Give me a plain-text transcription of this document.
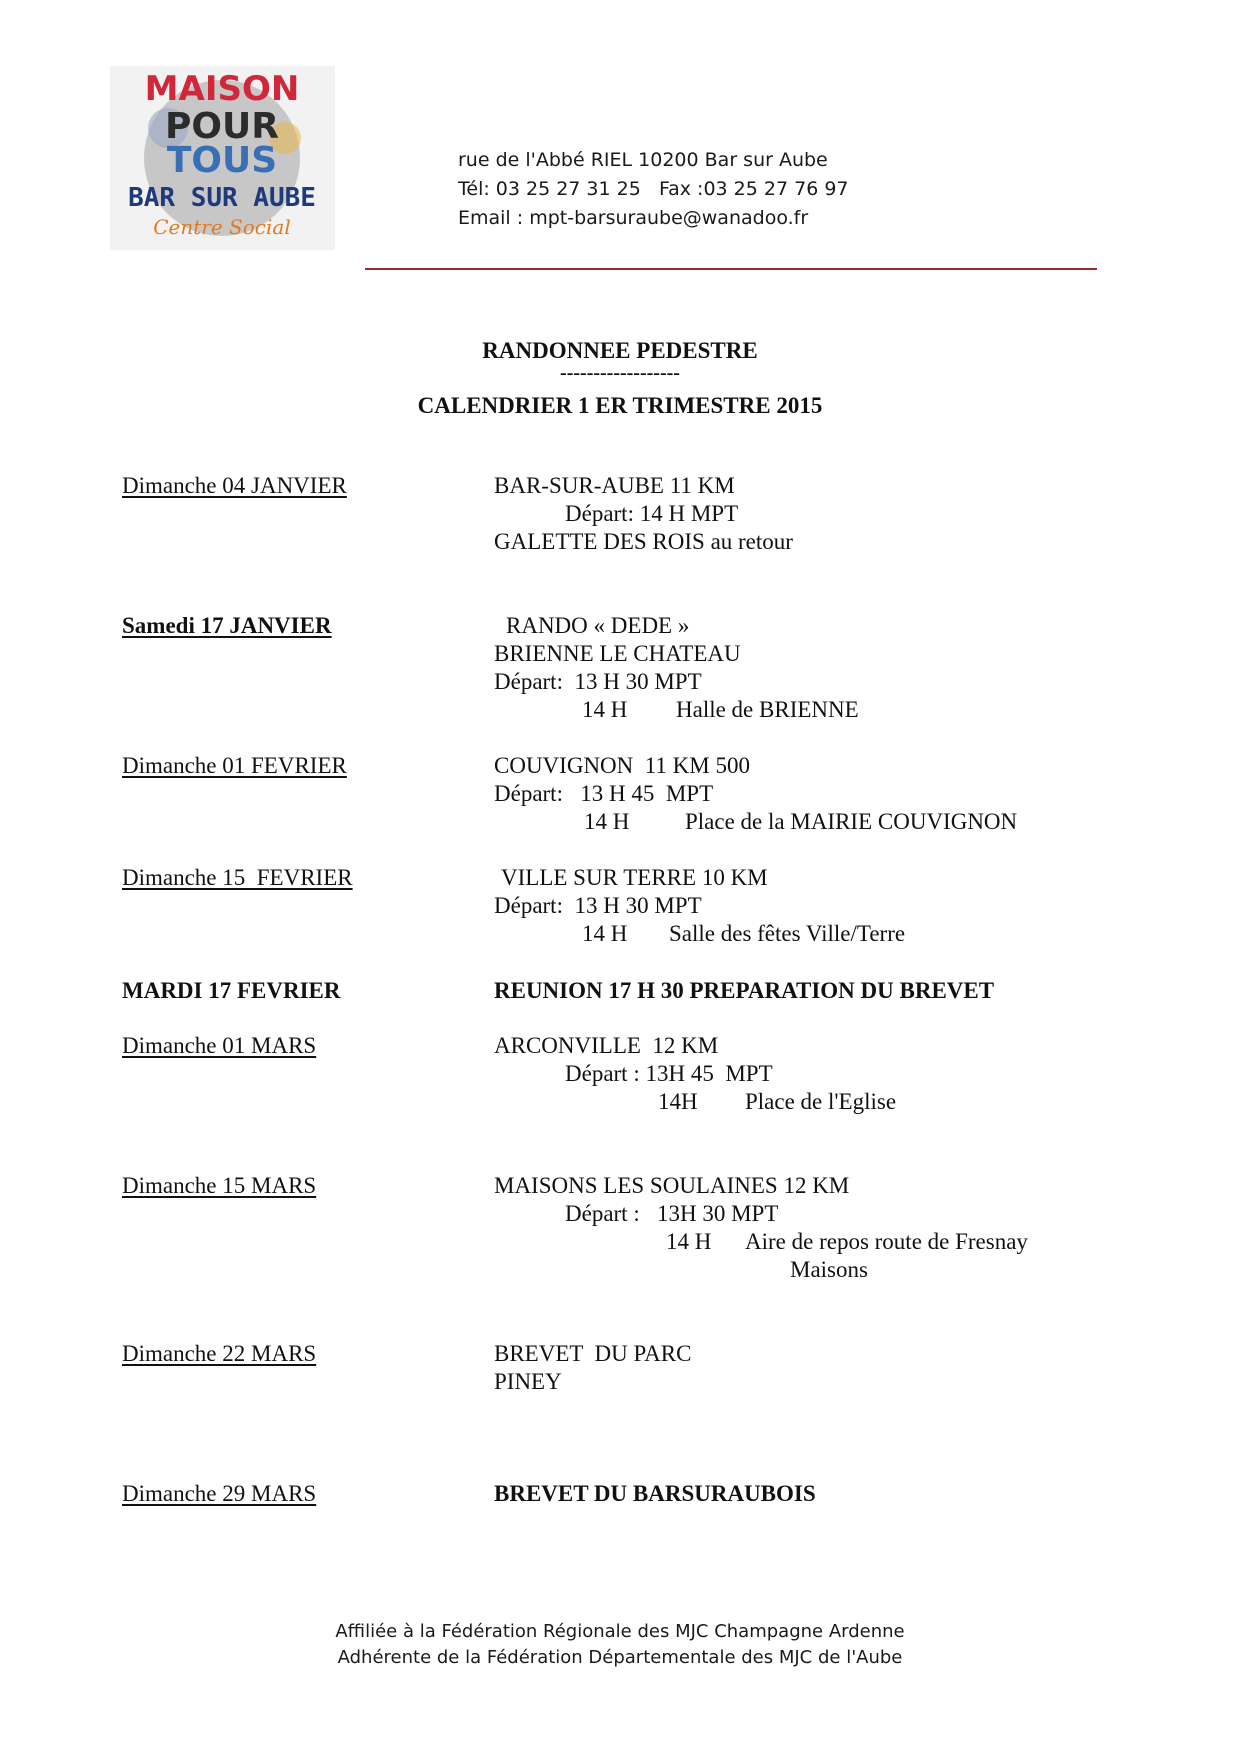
MAISON
POUR
TOUS
BAR SUR AUBE
Centre Social
rue de l'Abbé RIEL 10200 Bar sur Aube
Tél: 03 25 27 31 25   Fax :03 25 27 76 97
Email : mpt-barsuraube@wanadoo.fr
RANDONNEE PEDESTRE
------------------
CALENDRIER 1 ER TRIMESTRE 2015
Dimanche 04 JANVIER	BAR-SUR-AUBE 11 KM
Départ: 14 H MPT
GALETTE DES ROIS au retour
Samedi 17 JANVIER	RANDO « DEDE »
BRIENNE LE CHATEAU
Départ:  13 H 30 MPT
14 H Halle de BRIENNE
Dimanche 01 FEVRIER	COUVIGNON  11 KM 500
Départ:   13 H 45  MPT
14 H Place de la MAIRIE COUVIGNON
Dimanche 15  FEVRIER	VILLE SUR TERRE 10 KM
Départ:  13 H 30 MPT
14 H Salle des fêtes Ville/Terre
MARDI 17 FEVRIER	REUNION 17 H 30 PREPARATION DU BREVET
Dimanche 01 MARS	ARCONVILLE  12 KM
Départ : 13H 45  MPT
14H Place de l'Eglise
Dimanche 15 MARS	MAISONS LES SOULAINES 12 KM
Départ :   13H 30 MPT
14 H Aire de repos route de Fresnay
Maisons
Dimanche 22 MARS	BREVET  DU PARC
PINEY
Dimanche 29 MARS	BREVET DU BARSURAUBOIS
Affiliée à la Fédération Régionale des MJC Champagne Ardenne
Adhérente de la Fédération Départementale des MJC de l'Aube
